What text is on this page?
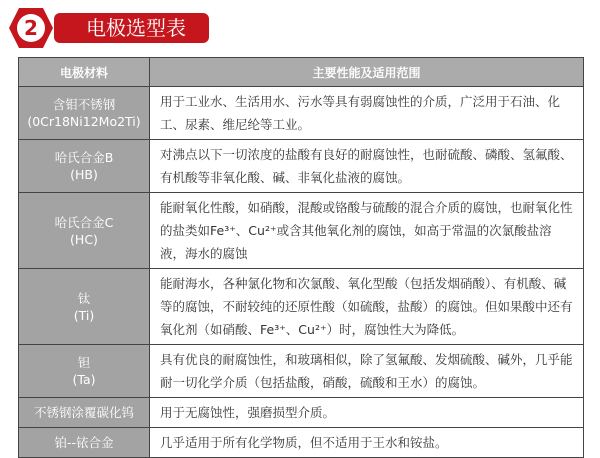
2	电极选型表
电极材料	主要性能及适用范围

含钼不锈钢
(0Cr18Ni12Mo2Ti)	用于工业水、生活用水、污水等具有弱腐蚀性的介质，广泛用于石油、化工、尿素、维尼纶等工业。

哈氏合金B
(HB)	对沸点以下一切浓度的盐酸有良好的耐腐蚀性，也耐硫酸、磷酸、氢氟酸、有机酸等非氧化酸、碱、非氧化盐液的腐蚀。

哈氏合金C
(HC)	能耐氧化性酸，如硝酸，混酸或铬酸与硫酸的混合介质的腐蚀，也耐氧化性的盐类如Fe³⁺、Cu²⁺或含其他氧化剂的腐蚀，如高于常温的次氯酸盐溶液，海水的腐蚀

钛
(Ti)	能耐海水，各种氯化物和次氯酸、氧化型酸（包括发烟硝酸）、有机酸、碱等的腐蚀，不耐较纯的还原性酸（如硫酸，盐酸）的腐蚀。但如果酸中还有氧化剂（如硝酸、Fe³⁺、Cu²⁺）时，腐蚀性大为降低。

钽
(Ta)	具有优良的耐腐蚀性，和玻璃相似，除了氢氟酸、发烟硫酸、碱外，几乎能耐一切化学介质（包括盐酸，硝酸，硫酸和王水）的腐蚀。
不锈钢涂覆碳化钨	用于无腐蚀性，强磨损型介质。
铂--铱合金	几乎适用于所有化学物质，但不适用于王水和铵盐。
